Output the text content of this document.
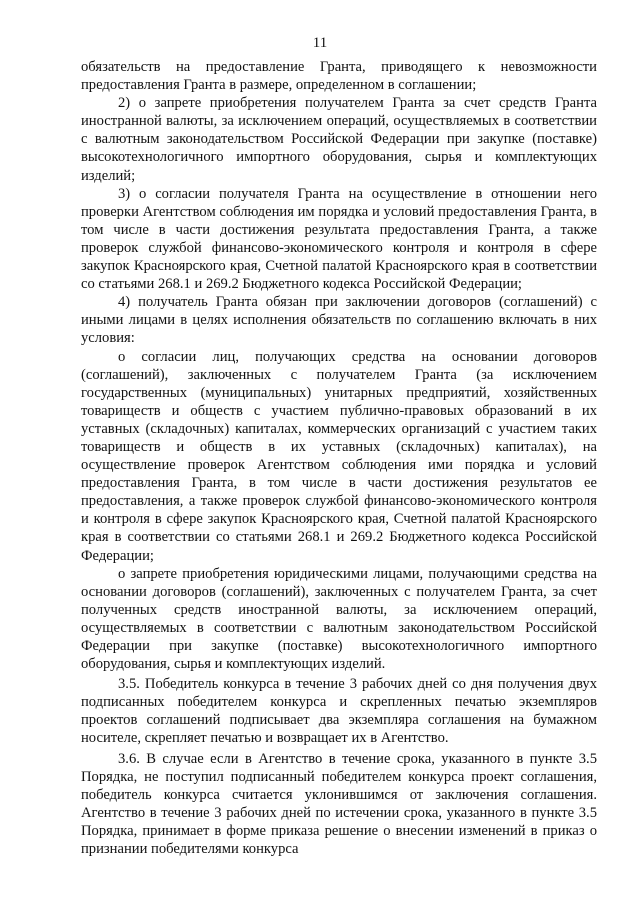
11

обязательств на предоставление Гранта, приводящего к невозможности предоставления Гранта в размере, определенном в соглашении;

2) о запрете приобретения получателем Гранта за счет средств Гранта иностранной валюты, за исключением операций, осуществляемых в соответствии с валютным законодательством Российской Федерации при закупке (поставке) высокотехнологичного импортного оборудования, сырья и комплектующих изделий;

3) о согласии получателя Гранта на осуществление в отношении него проверки Агентством соблюдения им порядка и условий предоставления Гранта, в том числе в части достижения результата предоставления Гранта, а также проверок службой финансово-экономического контроля и контроля в сфере закупок Красноярского края, Счетной палатой Красноярского края в соответствии со статьями 268.1 и 269.2 Бюджетного кодекса Российской Федерации;

4) получатель Гранта обязан при заключении договоров (соглашений) с иными лицами в целях исполнения обязательств по соглашению включать в них условия:

о согласии лиц, получающих средства на основании договоров (соглашений), заключенных с получателем Гранта (за исключением государственных (муниципальных) унитарных предприятий, хозяйственных товариществ и обществ с участием публично-правовых образований в их уставных (складочных) капиталах, коммерческих организаций с участием таких товариществ и обществ в их уставных (складочных) капиталах), на осуществление проверок Агентством соблюдения ими порядка и условий предоставления Гранта, в том числе в части достижения результатов ее предоставления, а также проверок службой финансово-экономического контроля и контроля в сфере закупок Красноярского края, Счетной палатой Красноярского края в соответствии со статьями 268.1 и 269.2 Бюджетного кодекса Российской Федерации;

о запрете приобретения юридическими лицами, получающими средства на основании договоров (соглашений), заключенных с получателем Гранта, за счет полученных средств иностранной валюты, за исключением операций, осуществляемых в соответствии с валютным законодательством Российской Федерации при закупке (поставке) высокотехнологичного импортного оборудования, сырья и комплектующих изделий.

3.5. Победитель конкурса в течение 3 рабочих дней со дня получения двух подписанных победителем конкурса и скрепленных печатью экземпляров проектов соглашений подписывает два экземпляра соглашения на бумажном носителе, скрепляет печатью и возвращает их в Агентство.

3.6. В случае если в Агентство в течение срока, указанного в пункте 3.5 Порядка, не поступил подписанный победителем конкурса проект соглашения, победитель конкурса считается уклонившимся от заключения соглашения. Агентство в течение 3 рабочих дней по истечении срока, указанного в пункте 3.5 Порядка, принимает в форме приказа решение о внесении изменений в приказ о признании победителями конкурса
